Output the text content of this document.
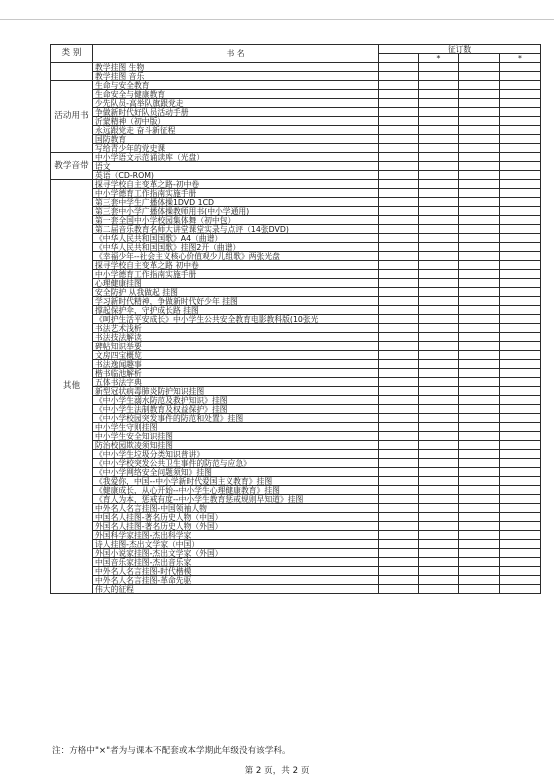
类 别	书 名	征订数			
			*		*
	教学挂图 生物				
	教学挂图 音乐				
活动用书	生命与安全教育				
	生命安全与健康教育				
	少先队员-高举队旗跟党走				
	争做新时代好队员活动手册				
	沂蒙精神（初中版）				
	永远跟党走 奋斗新征程				
	国防教育				
	写给青少年的党史课				
教学音带	中小学语文示范诵读库（光盘）				
	语文				
	英语（CD-ROM)				
其他	探寻学校自主变革之路-初中卷				
	中小学德育工作指南实施手册				
	第三套中学生广播体操1DVD 1CD				
	第三套中小学广播体操教师用书(中小学通用)				
	第一套全国中小学校园集体舞（初中包）				
	第二届音乐教育名师大讲堂课堂实录与点评（14张DVD)				
	《中华人民共和国国歌》A4（曲谱）				
	《中华人民共和国国歌》挂图2开（曲谱）				
	《幸福少年--社会主义核心价值观少儿组歌》两张光盘				
	探寻学校自主变革之路 初中卷				
	中小学德育工作指南实施手册				
	心理健康挂图				
	安全防护 从我做起 挂图				
	学习新时代精神，争做新时代好少年 挂图				
	撑起保护伞，守护成长路 挂图				
	《呵护生活平安成长》中小学生公共安全教育电影教科版(10张光				
	书法艺术浅析				
	书法技法解读				
	碑帖知识举要				
	文房四宝概览				
	书法逸闻趣事				
	楷书临池解析				
	五体书法字典				
	新型冠状病毒肺炎防护知识挂图				
	《中小学生溺水防范及救护知识》挂图				
	《中小学生法制教育及权益保护》挂图				
	《中小学校园突发事件的防范和处置》挂图				
	中小学生守则挂图				
	中小学生安全知识挂图				
	防治校园欺凌须知挂图				
	《中小学生垃圾分类知识普讲》				
	《中小学校突发公共卫生事件的防范与应急》				
	《中小学网络安全问题须知》挂图				
	《我爱你，中国--中小学新时代爱国主义教育》挂图				
	《健康成长，从心开始--中小学生心理健康教育》挂图				
	《育人为本，惩戒有度--中小学生教育惩戒规则早知道》挂图				
	中外名人名言挂图-中国领袖人物				
	中国名人挂图-著名历史人物（中国）				
	外国名人挂图-著名历史人物（外国）				
	外国科学家挂图-杰出科学家				
	诗人挂图-杰出文学家（中国）				
	外国小说家挂图-杰出文学家（外国）				
	中国音乐家挂图-杰出音乐家				
	中外名人名言挂图-时代楷模				
	中外名人名言挂图-革命先驱				
	伟大的征程				
注：方格中"×"者为与课本不配套或本学期此年级没有该学科。
第 2 页，共 2 页
